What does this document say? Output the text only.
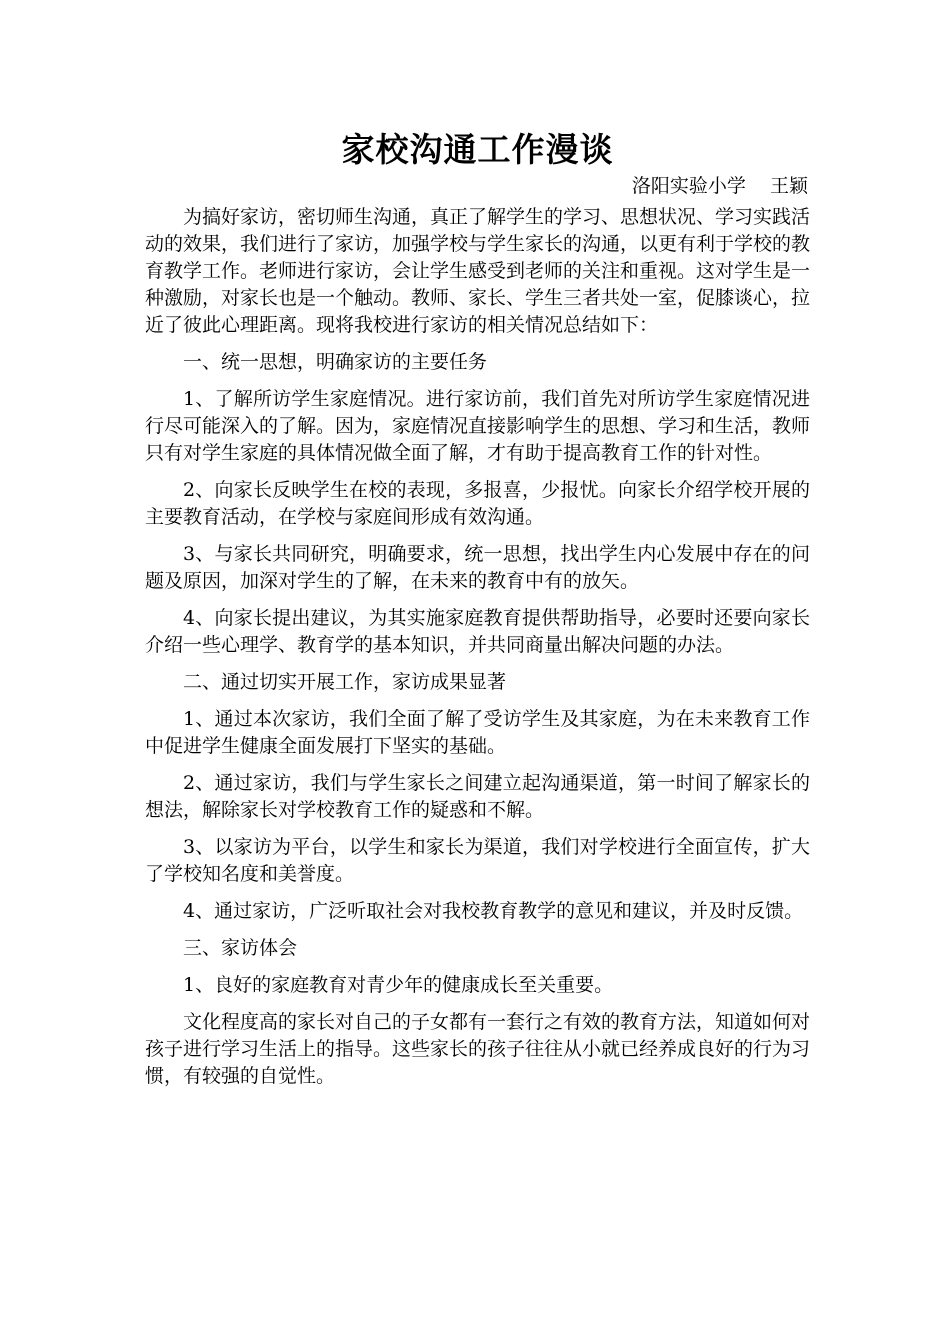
家校沟通工作漫谈

洛阳实验小学    王颖

为搞好家访，密切师生沟通，真正了解学生的学习、思想状况、学习实践活动的效果，我们进行了家访，加强学校与学生家长的沟通，以更有利于学校的教育教学工作。老师进行家访，会让学生感受到老师的关注和重视。这对学生是一种激励，对家长也是一个触动。教师、家长、学生三者共处一室，促膝谈心，拉近了彼此心理距离。现将我校进行家访的相关情况总结如下：

一、统一思想，明确家访的主要任务

1、了解所访学生家庭情况。进行家访前，我们首先对所访学生家庭情况进行尽可能深入的了解。因为，家庭情况直接影响学生的思想、学习和生活，教师只有对学生家庭的具体情况做全面了解，才有助于提高教育工作的针对性。

2、向家长反映学生在校的表现，多报喜，少报忧。向家长介绍学校开展的主要教育活动，在学校与家庭间形成有效沟通。

3、与家长共同研究，明确要求，统一思想，找出学生内心发展中存在的问题及原因，加深对学生的了解，在未来的教育中有的放矢。

4、向家长提出建议，为其实施家庭教育提供帮助指导，必要时还要向家长介绍一些心理学、教育学的基本知识，并共同商量出解决问题的办法。

二、通过切实开展工作，家访成果显著

1、通过本次家访，我们全面了解了受访学生及其家庭，为在未来教育工作中促进学生健康全面发展打下坚实的基础。

2、通过家访，我们与学生家长之间建立起沟通渠道，第一时间了解家长的想法，解除家长对学校教育工作的疑惑和不解。

3、以家访为平台，以学生和家长为渠道，我们对学校进行全面宣传，扩大了学校知名度和美誉度。

4、通过家访，广泛听取社会对我校教育教学的意见和建议，并及时反馈。

三、家访体会

1、良好的家庭教育对青少年的健康成长至关重要。

文化程度高的家长对自己的子女都有一套行之有效的教育方法，知道如何对孩子进行学习生活上的指导。这些家长的孩子往往从小就已经养成良好的行为习惯，有较强的自觉性。
